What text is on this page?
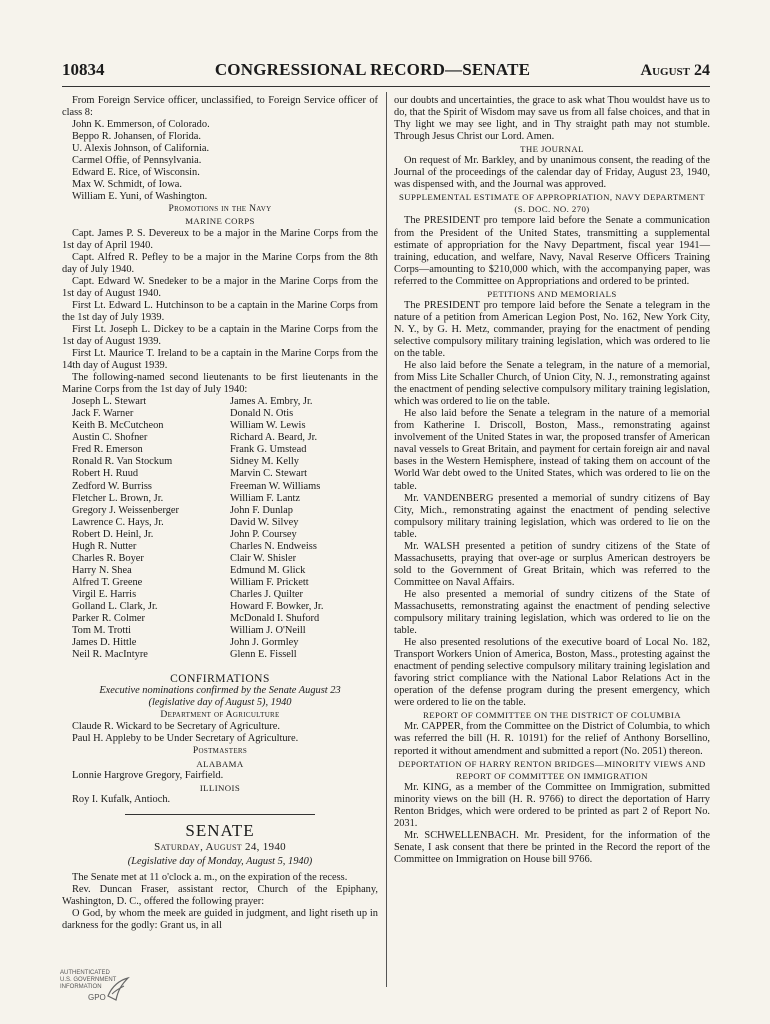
10834	CONGRESSIONAL RECORD—SENATE	August 24

From Foreign Service officer, unclassified, to Foreign Service officer of class 8:

John K. Emmerson, of Colorado.
Beppo R. Johansen, of Florida.
U. Alexis Johnson, of California.
Carmel Offie, of Pennsylvania.
Edward E. Rice, of Wisconsin.
Max W. Schmidt, of Iowa.
William E. Yuni, of Washington.
Promotions in the Navy
MARINE CORPS

Capt. James P. S. Devereux to be a major in the Marine Corps from the 1st day of April 1940.

Capt. Alfred R. Pefley to be a major in the Marine Corps from the 8th day of July 1940.

Capt. Edward W. Snedeker to be a major in the Marine Corps from the 1st day of August 1940.

First Lt. Edward L. Hutchinson to be a captain in the Marine Corps from the 1st day of July 1939.

First Lt. Joseph L. Dickey to be a captain in the Marine Corps from the 1st day of August 1939.

First Lt. Maurice T. Ireland to be a captain in the Marine Corps from the 14th day of August 1939.

The following-named second lieutenants to be first lieutenants in the Marine Corps from the 1st day of July 1940:

Joseph L. Stewart
Jack F. Warner
Keith B. McCutcheon
Austin C. Shofner
Fred R. Emerson
Ronald R. Van Stockum
Robert H. Ruud
Zedford W. Burriss
Fletcher L. Brown, Jr.
Gregory J. Weissenberger
Lawrence C. Hays, Jr.
Robert D. Heinl, Jr.
Hugh R. Nutter
Charles R. Boyer
Harry N. Shea
Alfred T. Greene
Virgil E. Harris
Golland L. Clark, Jr.
Parker R. Colmer
Tom M. Trotti
James D. Hittle
Neil R. MacIntyre
James A. Embry, Jr.
Donald N. Otis
William W. Lewis
Richard A. Beard, Jr.
Frank G. Umstead
Sidney M. Kelly
Marvin C. Stewart
Freeman W. Williams
William F. Lantz
John F. Dunlap
David W. Silvey
John P. Coursey
Charles N. Endweiss
Clair W. Shisler
Edmund M. Glick
William F. Prickett
Charles J. Quilter
Howard F. Bowker, Jr.
McDonald I. Shuford
William J. O'Neill
John J. Gormley
Glenn E. Fissell
CONFIRMATIONS
Executive nominations confirmed by the Senate August 23
(legislative day of August 5), 1940
Department of Agriculture

Claude R. Wickard to be Secretary of Agriculture.

Paul H. Appleby to be Under Secretary of Agriculture.

Postmasters
ALABAMA

Lonnie Hargrove Gregory, Fairfield.

ILLINOIS

Roy I. Kufalk, Antioch.

SENATE
Saturday, August 24, 1940
(Legislative day of Monday, August 5, 1940)

The Senate met at 11 o'clock a. m., on the expiration of the recess.

Rev. Duncan Fraser, assistant rector, Church of the Epiphany, Washington, D. C., offered the following prayer:

O God, by whom the meek are guided in judgment, and light riseth up in darkness for the godly: Grant us, in all

our doubts and uncertainties, the grace to ask what Thou wouldst have us to do, that the Spirit of Wisdom may save us from all false choices, and that in Thy light we may see light, and in Thy straight path may not stumble. Through Jesus Christ our Lord. Amen.

THE JOURNAL

On request of Mr. Barkley, and by unanimous consent, the reading of the Journal of the proceedings of the calendar day of Friday, August 23, 1940, was dispensed with, and the Journal was approved.

SUPPLEMENTAL ESTIMATE OF APPROPRIATION, NAVY DEPARTMENT
(S. DOC. NO. 270)

The PRESIDENT pro tempore laid before the Senate a communication from the President of the United States, transmitting a supplemental estimate of appropriation for the Navy Department, fiscal year 1941—training, education, and welfare, Navy, Naval Reserve Officers Training Corps—amounting to $210,000 which, with the accompanying paper, was referred to the Committee on Appropriations and ordered to be printed.

PETITIONS AND MEMORIALS

The PRESIDENT pro tempore laid before the Senate a telegram in the nature of a petition from American Legion Post, No. 162, New York City, N. Y., by G. H. Metz, commander, praying for the enactment of pending selective compulsory military training legislation, which was ordered to lie on the table.

He also laid before the Senate a telegram, in the nature of a memorial, from Miss Lite Schaller Church, of Union City, N. J., remonstrating against the enactment of pending selective compulsory military training legislation, which was ordered to lie on the table.

He also laid before the Senate a telegram in the nature of a memorial from Katherine I. Driscoll, Boston, Mass., remonstrating against involvement of the United States in war, the proposed transfer of American naval vessels to Great Britain, and payment for certain foreign air and naval bases in the Western Hemisphere, instead of taking them on account of the World War debt owed to the United States, which was ordered to lie on the table.

Mr. VANDENBERG presented a memorial of sundry citizens of Bay City, Mich., remonstrating against the enactment of pending selective compulsory military training legislation, which was ordered to lie on the table.

Mr. WALSH presented a petition of sundry citizens of the State of Massachusetts, praying that over-age or surplus American destroyers be sold to the Government of Great Britain, which was referred to the Committee on Naval Affairs.

He also presented a memorial of sundry citizens of the State of Massachusetts, remonstrating against the enactment of pending selective compulsory military training legislation, which was ordered to lie on the table.

He also presented resolutions of the executive board of Local No. 182, Transport Workers Union of America, Boston, Mass., protesting against the enactment of pending selective compulsory military training legislation and favoring strict compliance with the National Labor Relations Act in the operation of the defense program during the present emergency, which were ordered to lie on the table.

REPORT OF COMMITTEE ON THE DISTRICT OF COLUMBIA

Mr. CAPPER, from the Committee on the District of Columbia, to which was referred the bill (H. R. 10191) for the relief of Anthony Borsellino, reported it without amendment and submitted a report (No. 2051) thereon.

DEPORTATION OF HARRY RENTON BRIDGES—MINORITY VIEWS AND
REPORT OF COMMITTEE ON IMMIGRATION

Mr. KING, as a member of the Committee on Immigration, submitted minority views on the bill (H. R. 9766) to direct the deportation of Harry Renton Bridges, which were ordered to be printed as part 2 of Report No. 2031.

Mr. SCHWELLENBACH. Mr. President, for the information of the Senate, I ask consent that there be printed in the Record the report of the Committee on Immigration on House bill 9766.

AUTHENTICATED
U.S. GOVERNMENT
INFORMATION
GPO
